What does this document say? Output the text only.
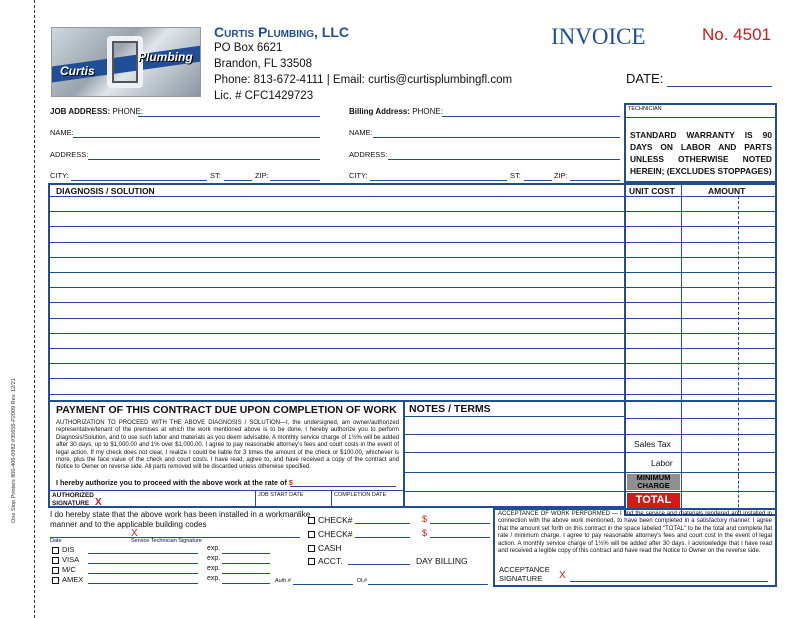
One Stop Printers 800-406-0982 #35656-P2009 Rev. 12/21
Curtis
Plumbing
Curtis Plumbing, LLC
PO Box 6621
Brandon, FL 33508
Phone: 813-672-4111 | Email: curtis@curtisplumbingfl.com
Lic. # CFC1429723
INVOICE	No. 4501
DATE:
JOB ADDRESS: PHONE:
NAME:
ADDRESS:
CITY:	ST:	ZIP:
Billing Address: PHONE:
NAME:
ADDRESS:
CITY:	ST:	ZIP:
TECHNICIAN
STANDARD WARRANTY IS 90 DAYS ON LABOR AND PARTS UNLESS OTHERWISE NOTED HEREIN; (EXCLUDES STOPPAGES)
DIAGNOSIS / SOLUTION	UNIT COST	AMOUNT
Sales Tax
Labor
MINIMUM CHARGE
TOTAL
NOTES / TERMS
PAYMENT OF THIS CONTRACT DUE UPON COMPLETION OF WORK
AUTHORIZATION TO PROCEED WITH THE ABOVE DIAGNOSIS / SOLUTION—I, the undersigned, am owner/authorized representative/tenant of the premises at which the work mentioned above is to be done. I hereby authorize you to perform Diagnosis/Solution, and to use such labor and materials as you deem advisable. A monthly service charge of 1½% will be added after 30 days, up to $1,000.00 and 1% over $1,000.00. I agree to pay reasonable attorney's fees and court costs in the event of legal action. If my check does not clear, I realize I could be liable for 3 times the amount of the check or $100.00, whichever is more, plus the face value of the check and court costs. I have read, agree to, and have received a copy of the contract and Notice to Owner on reverse side. All parts removed will be discarded unless otherwise specified.
I hereby authorize you to proceed with the above work at the rate of $
AUTHORIZED SIGNATURE X
JOB START DATE	COMPLETION DATE
I do hereby state that the above work has been installed in a workmanlike manner and to the applicable building codes
X
Date	Service Technician Signature
DIS	exp.
VISA	exp.
M/C	exp.
AMEX	exp.	Auth.#	DL#
CHECK#	$
CHECK#	$
CASH
ACCT.	DAY BILLING
ACCEPTANCE OF WORK PERFORMED — I find the service and materials rendered and installed in connection with the above work mentioned, to have been completed in a satisfactory manner. I agree that the amount set forth on this contract in the space labeled "TOTAL" to be the total and complete flat rate / minimum charge. I agree to pay reasonable attorney's fees and court cost in the event of legal action. A monthly service charge of 1½% will be added after 30 days. I acknowledge that I have read and received a legible copy of this contract and have read the Notice to Owner on the reverse side.
ACCEPTANCE SIGNATURE	X
